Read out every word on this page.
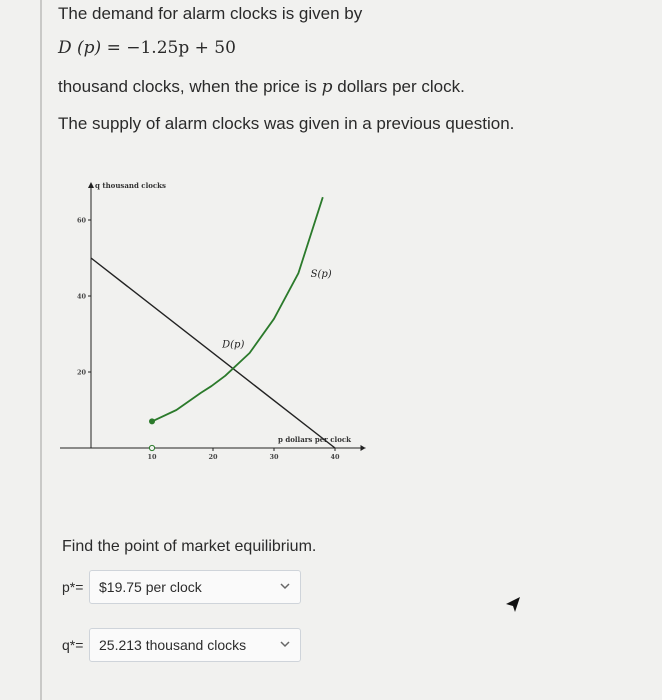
The demand for alarm clocks is given by
D (p) = −1.25p + 50
thousand clocks, when the price is p dollars per clock.
The supply of alarm clocks was given in a previous question.
q thousand clocks
p dollars per clock
20
40
60
10	20	30	40
D(p)
S(p)
Find the point of market equilibrium.
p*= $19.75 per clock
q*= 25.213 thousand clocks
